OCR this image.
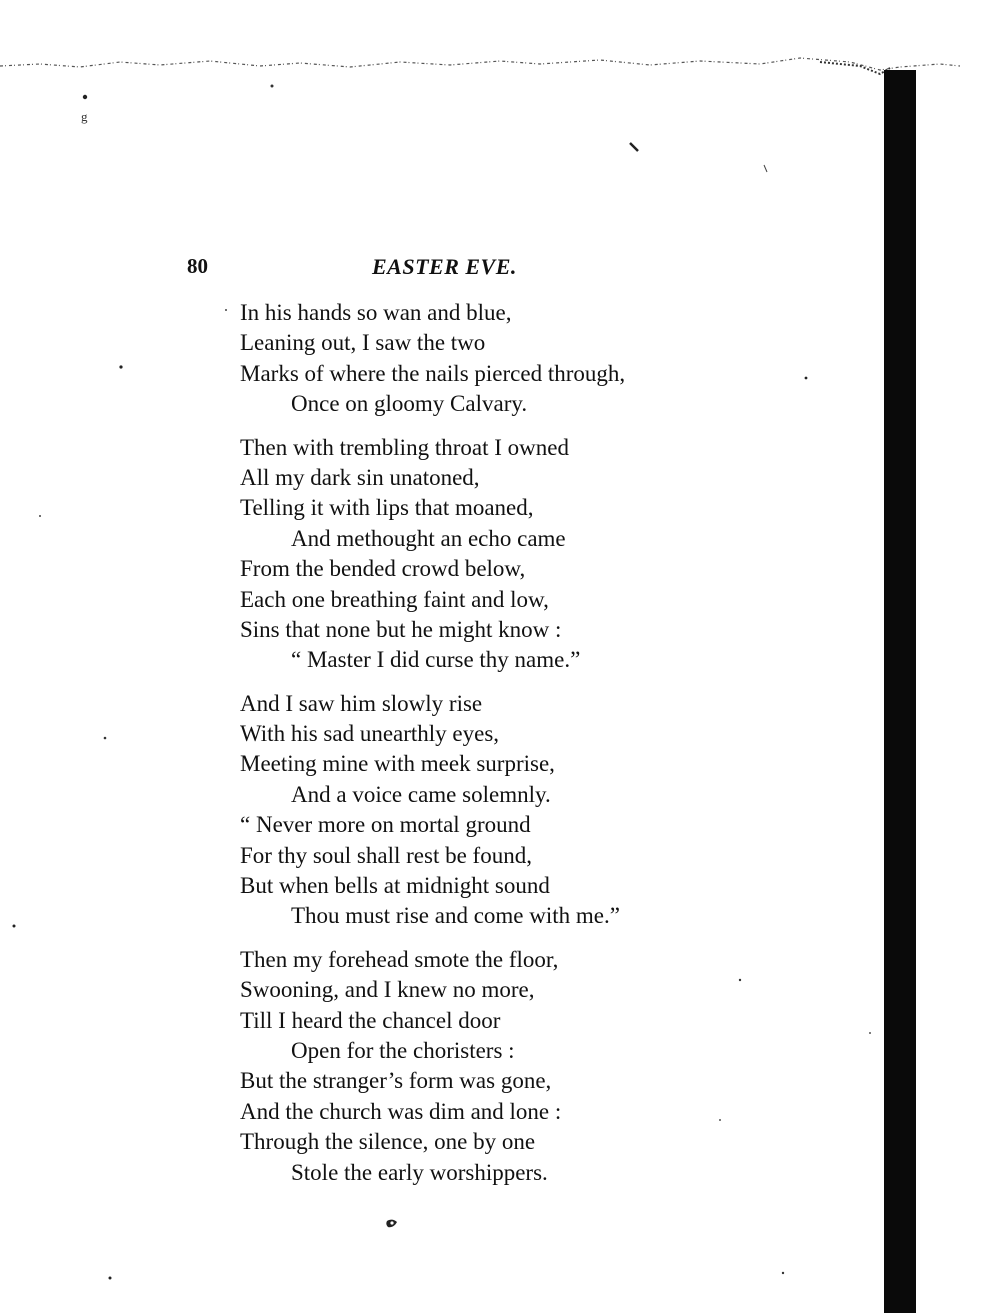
g
80	EASTER EVE.
In his hands so wan and blue,
Leaning out, I saw the two
Marks of where the nails pierced through,
Once on gloomy Calvary.
Then with trembling throat I owned
All my dark sin unatoned,
Telling it with lips that moaned,
And methought an echo came
From the bended crowd below,
Each one breathing faint and low,
Sins that none but he might know :
“ Master I did curse thy name.”
And I saw him slowly rise
With his sad unearthly eyes,
Meeting mine with meek surprise,
And a voice came solemnly.
“ Never more on mortal ground
For thy soul shall rest be found,
But when bells at midnight sound
Thou must rise and come with me.”
Then my forehead smote the floor,
Swooning, and I knew no more,
Till I heard the chancel door
Open for the choristers :
But the stranger’s form was gone,
And the church was dim and lone :
Through the silence, one by one
Stole the early worshippers.
